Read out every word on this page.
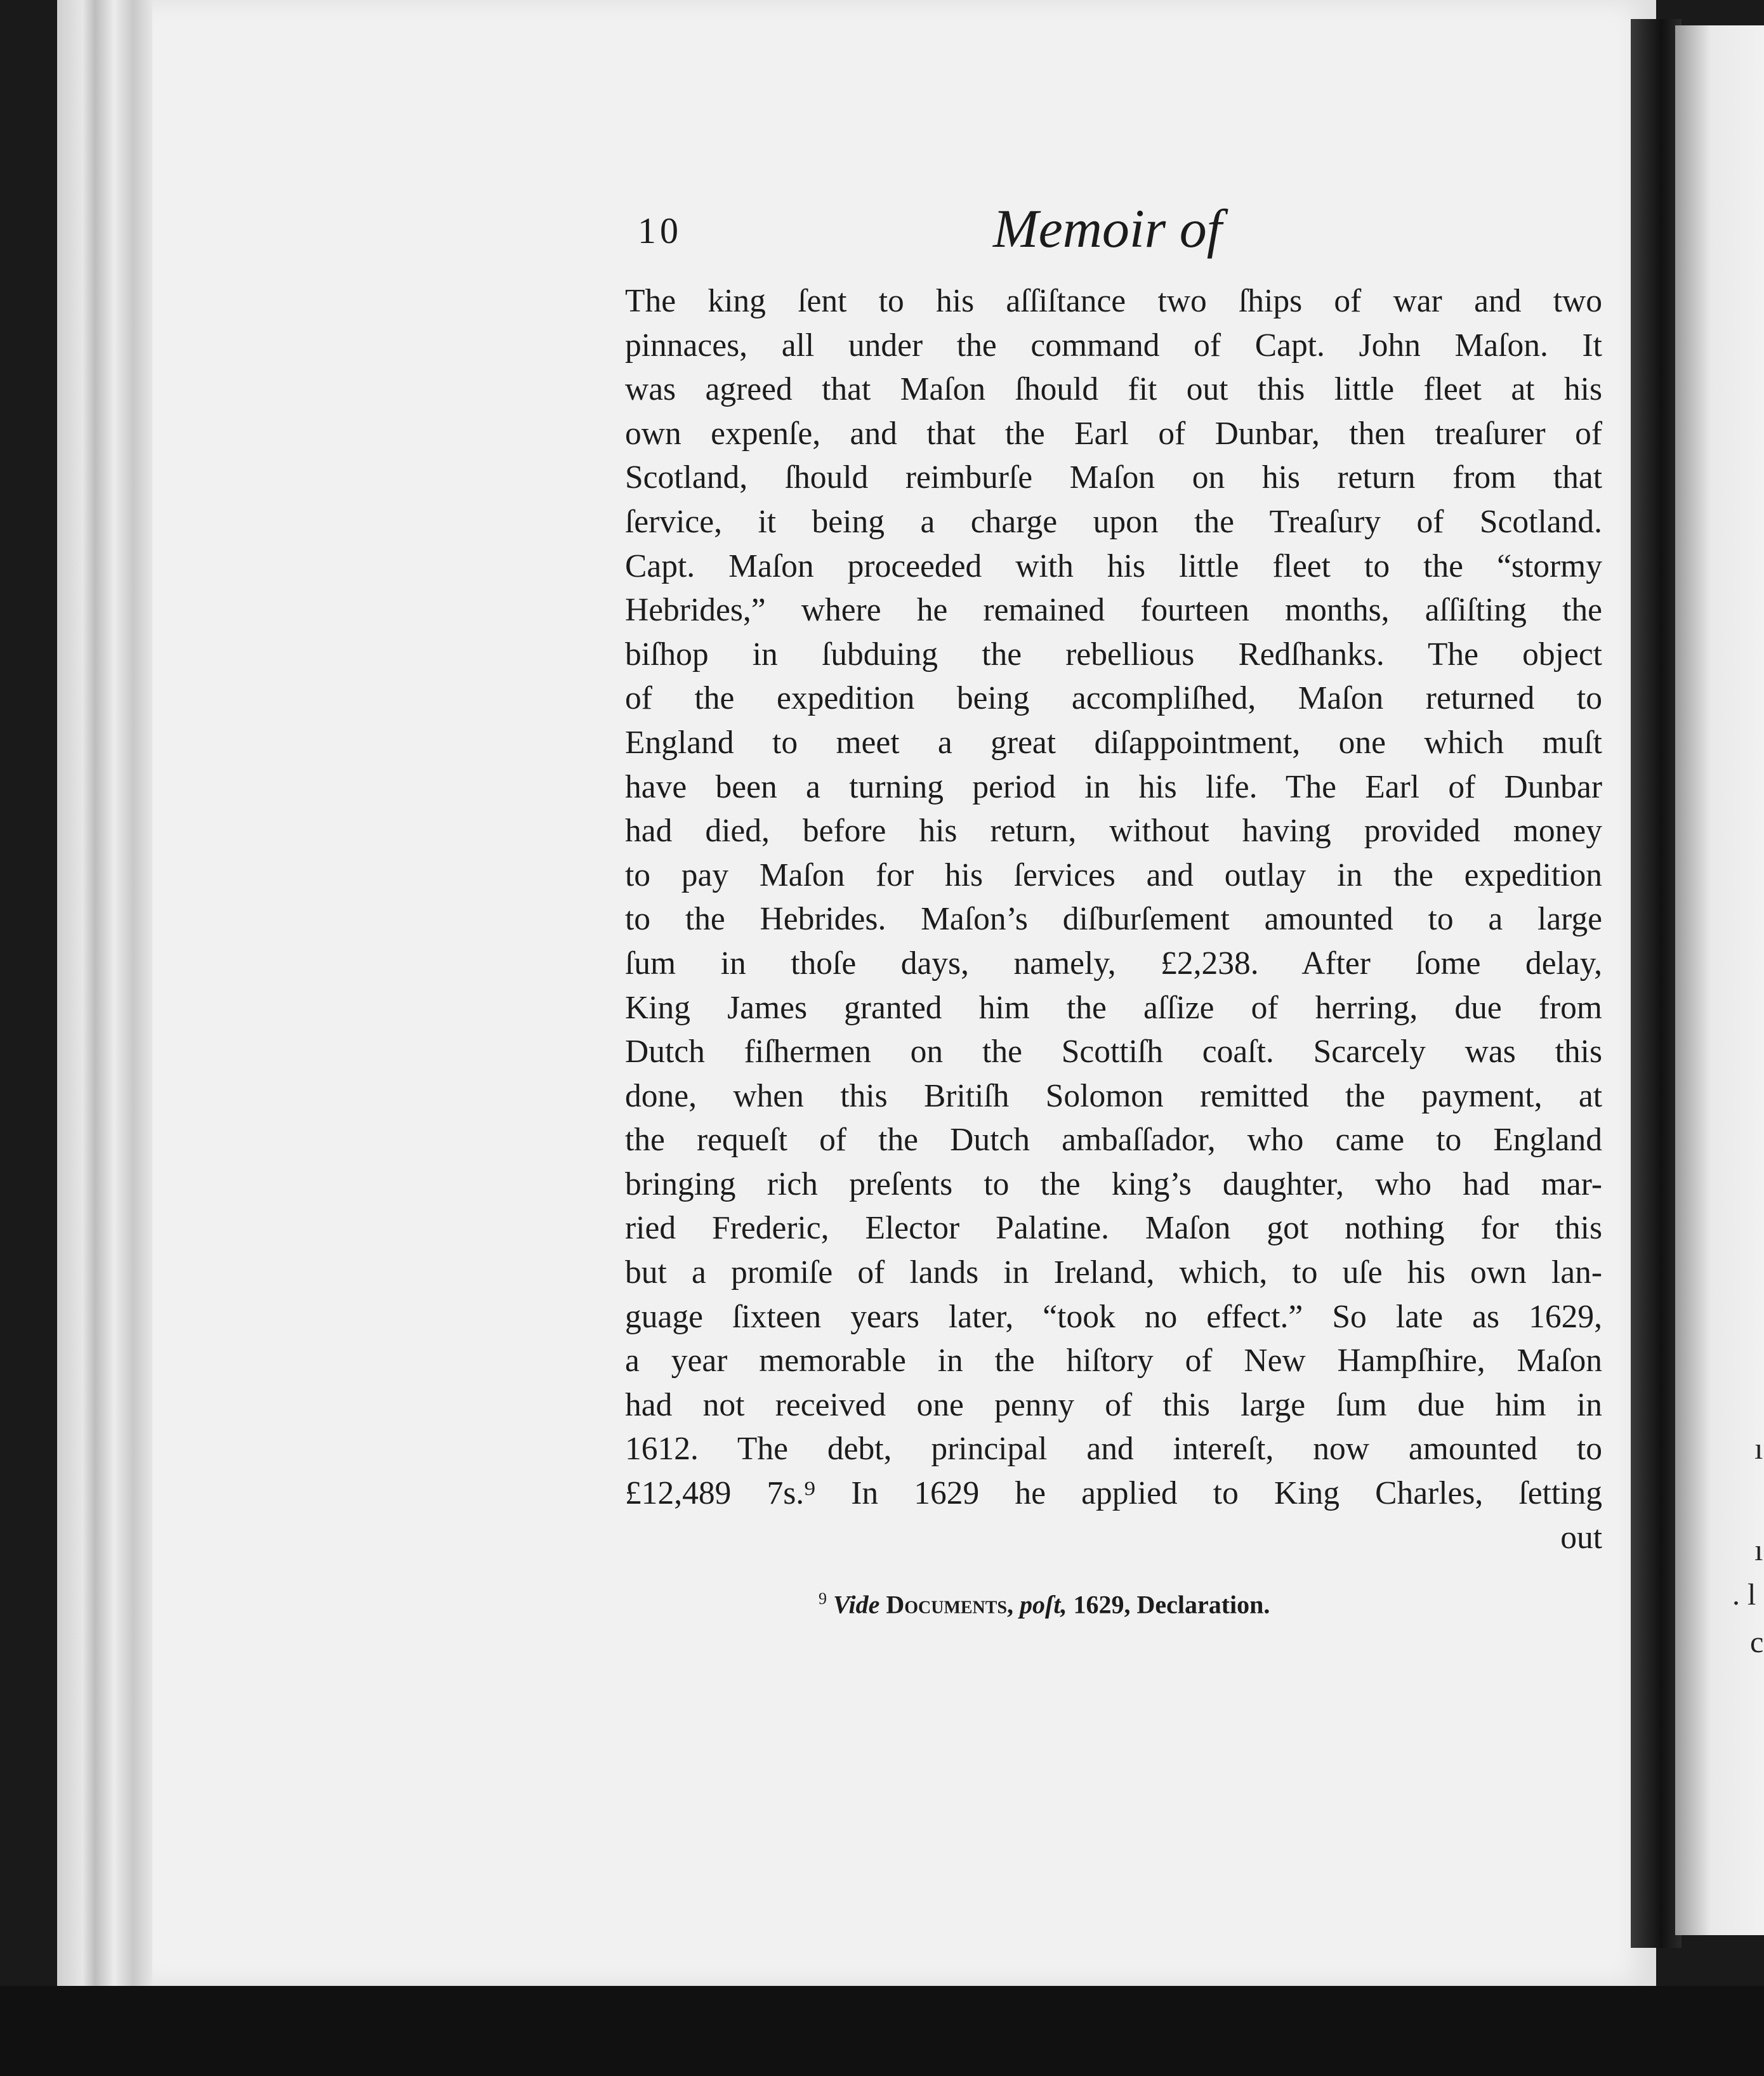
ı
ı
. l
c
10	Memoir of
The king ſent to his aſſiſtance two ſhips of war and two
pinnaces, all under the command of Capt. John Maſon. It
was agreed that Maſon ſhould fit out this little fleet at his
own expenſe, and that the Earl of Dunbar, then treaſurer of
Scotland, ſhould reimburſe Maſon on his return from that
ſervice, it being a charge upon the Treaſury of Scotland.
Capt. Maſon proceeded with his little fleet to the “stormy
Hebrides,” where he remained fourteen months, aſſiſting the
biſhop in ſubduing the rebellious Redſhanks. The object
of the expedition being accompliſhed, Maſon returned to
England to meet a great diſappointment, one which muſt
have been a turning period in his life. The Earl of Dunbar
had died, before his return, without having provided money
to pay Maſon for his ſervices and outlay in the expedition
to the Hebrides. Maſon’s diſburſement amounted to a large
ſum in thoſe days, namely, £2,238. After ſome delay,
King James granted him the aſſize of herring, due from
Dutch fiſhermen on the Scottiſh coaſt. Scarcely was this
done, when this Britiſh Solomon remitted the payment, at
the requeſt of the Dutch ambaſſador, who came to England
bringing rich preſents to the king’s daughter, who had mar-
ried Frederic, Elector Palatine. Maſon got nothing for this
but a promiſe of lands in Ireland, which, to uſe his own lan-
guage ſixteen years later, “took no effect.” So late as 1629,
a year memorable in the hiſtory of New Hampſhire, Maſon
had not received one penny of this large ſum due him in
1612. The debt, principal and intereſt, now amounted to
£12,489 7s.⁹ In 1629 he applied to King Charles, ſetting
out
$^9$ Vide Documents, poſt, 1629, Declaration.
